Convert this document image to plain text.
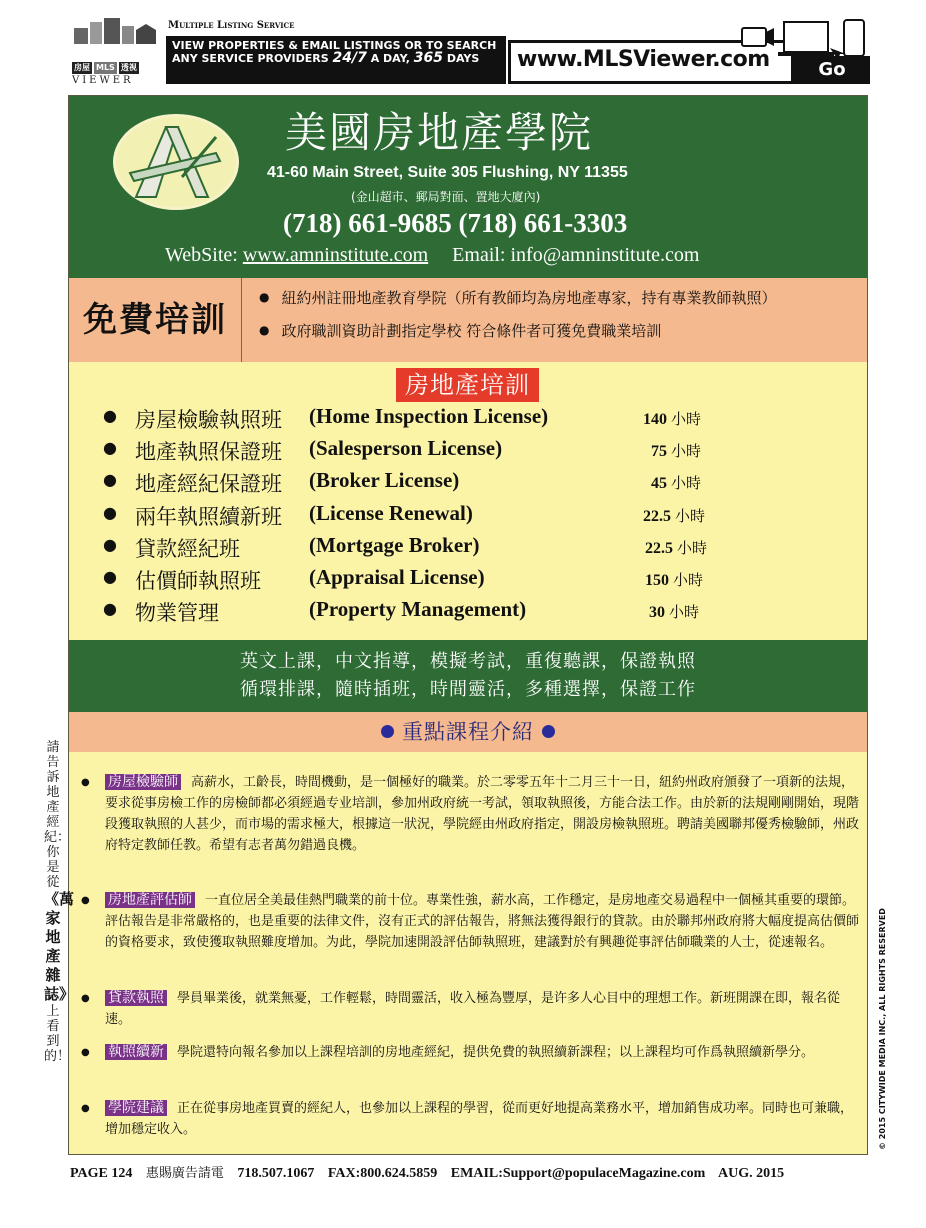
房屋 MLS 透視
VIEWER
Multiple Listing Service
VIEW PROPERTIES & EMAIL LISTINGS OR TO SEARCH
ANY SERVICE PROVIDERS 24/7 A DAY, 365 DAYS	www.MLSViewer.com	Go
美國房地產學院
41-60 Main Street, Suite 305 Flushing, NY 11355
(金山超市、郵局對面、置地大廈內)
(718) 661-9685 (718) 661-3303
WebSite: www.amninstitute.com Email: info@amninstitute.com
免費培訓
● 紐約州註冊地產教育學院（所有教師均為房地產專家，持有專業教師執照）
● 政府職訓資助計劃指定學校 符合條件者可獲免費職業培訓
房地產培訓
● 房屋檢驗執照班 (Home Inspection License)	140 小時
● 地產執照保證班 (Salesperson License)	75 小時
● 地產經紀保證班 (Broker License)	45 小時
● 兩年執照續新班 (License Renewal)	22.5 小時
● 貸款經紀班	(Mortgage Broker)	22.5 小時
● 估價師執照班 (Appraisal License)	150 小時
● 物業管理	(Property Management)	30 小時
英文上課，中文指導，模擬考試，重復聽課，保證執照
循環排課，隨時插班，時間靈活，多種選擇，保證工作
重點課程介紹
● 房屋檢驗師 高薪水，工齡長，時間機動，是一個極好的職業。於二零零五年十二月三十一日，紐約州政府頒發了一項新的法規，要求從事房檢工作的房檢師都必須經過专业培訓，參加州政府統一考試，領取執照後，方能合法工作。由於新的法規剛剛開始，現階段獲取執照的人甚少，而市場的需求極大，根據這一狀況，學院經由州政府指定，開設房檢執照班。聘請美國聯邦優秀檢驗師，州政府特定教師任教。希望有志者萬勿錯過良機。
● 房地產評估師 一直位居全美最佳熱門職業的前十位。專業性強，薪水高，工作穩定，是房地產交易過程中一個極其重要的環節。評估報告是非常嚴格的，也是重要的法律文件，沒有正式的評估報告，將無法獲得銀行的貸款。由於聯邦州政府將大幅度提高估價師的資格要求，致使獲取執照難度增加。为此，學院加速開設評估師執照班，建議對於有興趣從事評估師職業的人士，從速報名。
● 貸款執照 學員畢業後，就業無憂，工作輕鬆，時間靈活，收入極為豐厚，是许多人心目中的理想工作。新班開課在即，報名從速。
● 執照續新 學院還特向報名參加以上課程培訓的房地產經紀，提供免費的執照續新課程；以上課程均可作爲執照續新學分。
● 學院建議 正在從事房地產買賣的經紀人，也參加以上課程的學習，從而更好地提高業務水平，增加銷售成功率。同時也可兼職，增加穩定收入。
請告訴地產經紀：你是從《萬家地產雜誌》上看到的！	© 2015 CITYWIDE MEDIA INC., ALL RIGHTS RESERVED
PAGE 124 惠賜廣告請電 718.507.1067 FAX:800.624.5859 EMAIL:Support@populaceMagazine.com AUG. 2015
